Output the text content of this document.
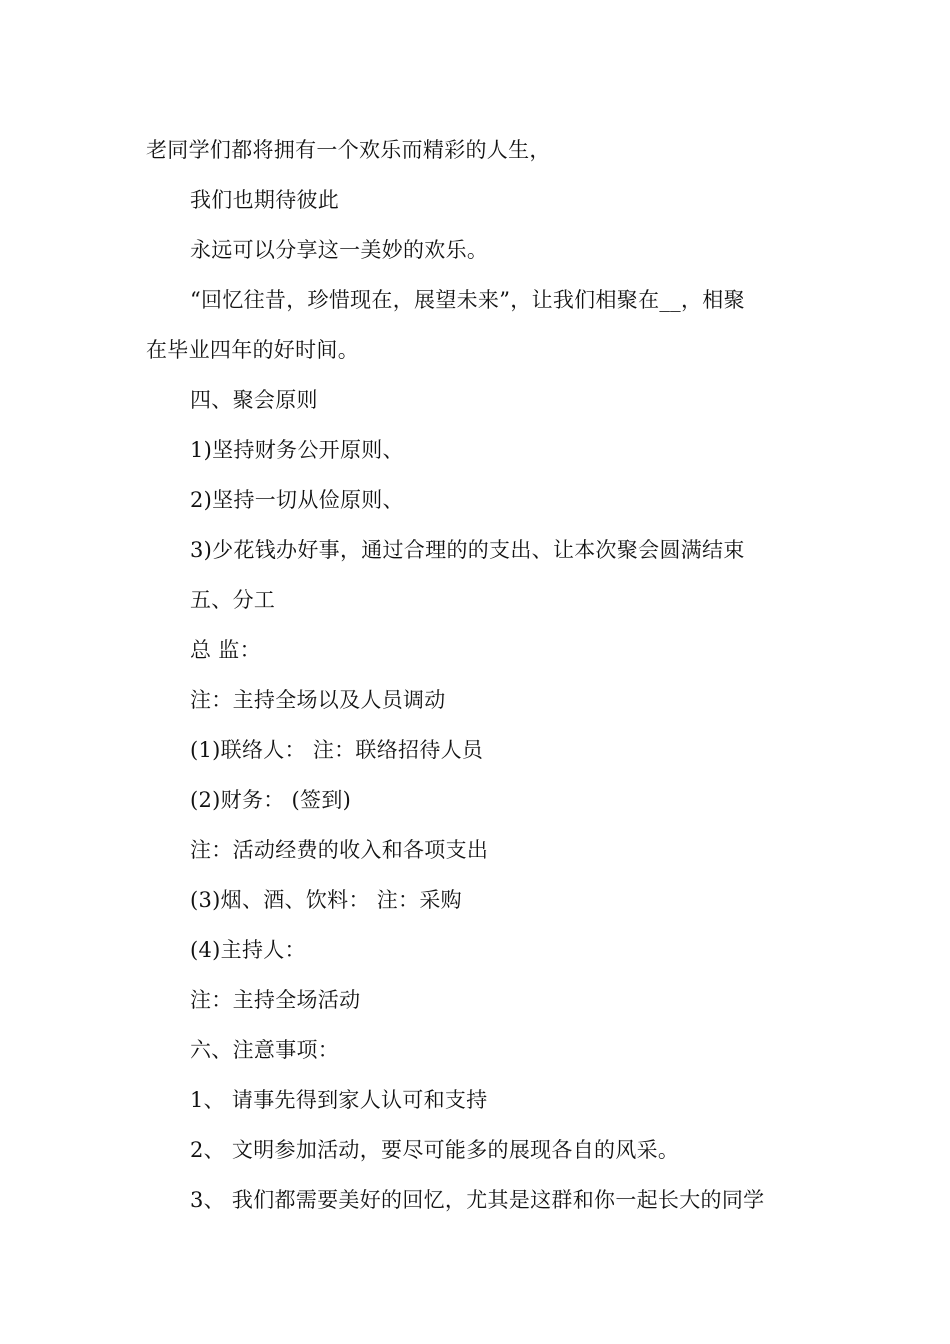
老同学们都将拥有一个欢乐而精彩的人生，
我们也期待彼此
永远可以分享这一美妙的欢乐。
“回忆往昔，珍惜现在，展望未来”，让我们相聚在__，相聚
在毕业四年的好时间。
四、聚会原则
1)坚持财务公开原则、
2)坚持一切从俭原则、
3)少花钱办好事，通过合理的的支出、让本次聚会圆满结束
五、分工
总 监：
注：主持全场以及人员调动
(1)联络人： 注：联络招待人员
(2)财务： (签到)
注：活动经费的收入和各项支出
(3)烟、酒、饮料： 注：采购
(4)主持人：
注：主持全场活动
六、注意事项：
1、 请事先得到家人认可和支持
2、 文明参加活动，要尽可能多的展现各自的风采。
3、 我们都需要美好的回忆，尤其是这群和你一起长大的同学
